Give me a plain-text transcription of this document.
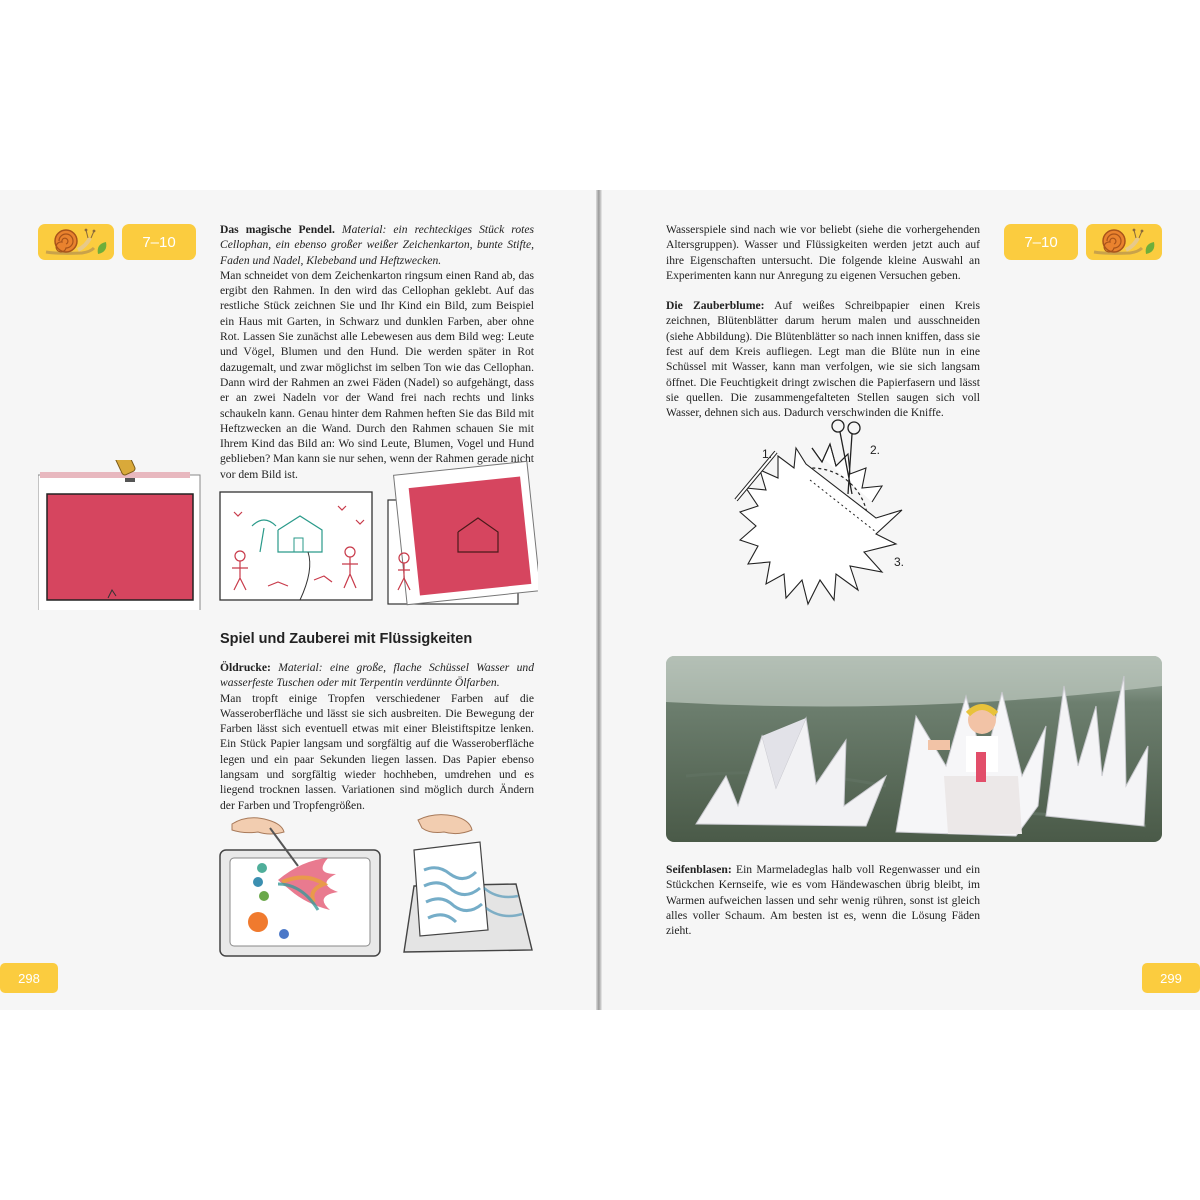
7–10

Das magische Pendel. Material: ein rechteckiges Stück rotes Cellophan, ein ebenso großer weißer Zeichenkarton, bunte Stifte, Faden und Nadel, Klebeband und Heftzwecken.

Man schneidet von dem Zeichenkarton ringsum einen Rand ab, das ergibt den Rahmen. In den wird das Cellophan geklebt. Auf das restliche Stück zeichnen Sie und Ihr Kind ein Bild, zum Beispiel ein Haus mit Garten, in Schwarz und dunklen Farben, aber ohne Rot. Lassen Sie zunächst alle Lebewesen aus dem Bild weg: Leute und Vögel, Blumen und den Hund. Die werden später in Rot dazugemalt, und zwar möglichst im selben Ton wie das Cellophan. Dann wird der Rahmen an zwei Fäden (Nadel) so aufgehängt, dass er an zwei Nadeln vor der Wand frei nach rechts und links schaukeln kann. Genau hinter dem Rahmen heften Sie das Bild mit Heftzwecken an die Wand. Durch den Rahmen schauen Sie mit Ihrem Kind das Bild an: Wo sind Leute, Blumen, Vogel und Hund geblieben? Man kann sie nur sehen, wenn der Rahmen gerade nicht vor dem Bild ist.

Spiel und Zauberei mit Flüssigkeiten

Öldrucke: Material: eine große, flache Schüssel Wasser und wasserfeste Tuschen oder mit Terpentin verdünnte Ölfarben.

Man tropft einige Tropfen verschiedener Farben auf die Wasseroberfläche und lässt sie sich ausbreiten. Die Bewegung der Farben lässt sich eventuell etwas mit einer Bleistiftspitze lenken. Ein Stück Papier langsam und sorgfältig auf die Wasseroberfläche legen und ein paar Sekunden liegen lassen. Das Papier ebenso langsam und sorgfältig wieder hochheben, umdrehen und es liegend trocknen lassen. Variationen sind möglich durch Ändern der Farben und Tropfengrößen.

298

Wasserspiele sind nach wie vor beliebt (siehe die vorhergehenden Altersgruppen). Wasser und Flüssigkeiten werden jetzt auch auf ihre Eigenschaften untersucht. Die folgende kleine Auswahl an Experimenten kann nur Anregung zu eigenen Versuchen geben.

Die Zauberblume: Auf weißes Schreibpapier einen Kreis zeichnen, Blütenblätter darum herum malen und ausschneiden (siehe Abbildung). Die Blütenblätter so nach innen kniffen, dass sie fest auf dem Kreis aufliegen. Legt man die Blüte nun in eine Schüssel mit Wasser, kann man verfolgen, wie sie sich langsam öffnet. Die Feuchtigkeit dringt zwischen die Papierfasern und lässt sie quellen. Die zusammengefalteten Stellen saugen sich voll Wasser, dehnen sich aus. Dadurch verschwinden die Kniffe.

7–10
1.	2.
3.

Seifenblasen: Ein Marmeladeglas halb voll Regenwasser und ein Stückchen Kernseife, wie es vom Händewaschen übrig bleibt, im Warmen aufweichen lassen und sehr wenig rühren, sonst ist gleich alles voller Schaum. Am besten ist es, wenn die Lösung Fäden zieht.

299
